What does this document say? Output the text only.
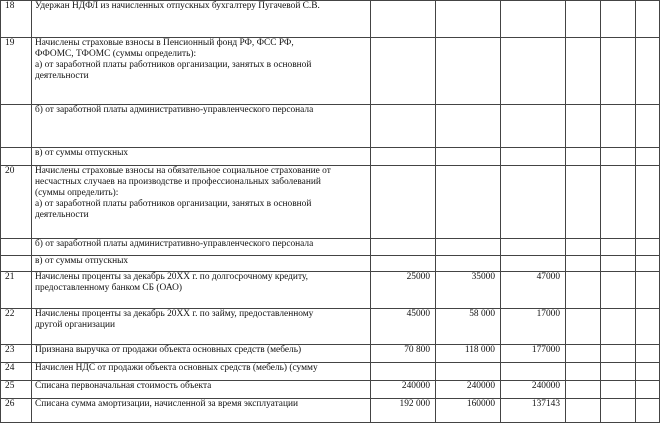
18	Удержан НДФЛ из начисленных отпускных бухгалтеру Пугачевой С.В.						

19	Начислены страховые взносы в Пенсионный фонд РФ, ФСС РФ,
ФФОМС, ТФОМС (суммы определить):
а) от заработной платы работников организации, занятых в основной
деятельности						

	б) от заработной платы административно-управленческого персонала						

	в) от суммы отпускных						

20	Начислены страховые взносы на обязательное социальное страхование от
несчастных случаев на производстве и профессиональных заболеваний
(суммы определить):
а) от заработной платы работников организации, занятых в основной
деятельности						

	б) от заработной платы административно-управленческого персонала						

	в) от суммы отпускных						

21	Начислены проценты за декабрь 20ХХ г. по долгосрочному кредиту,
предоставленному банком СБ (ОАО)	25000	35000	47000			
22	Начислены проценты за декабрь 20ХХ г. по займу, предоставленному
другой организации	45000	58 000	17000			
23	Признана выручка от продажи объекта основных средств (мебель)	70 800	118 000	177000			
24	Начислен НДС от продажи объекта основных средств (мебель) (сумму						

25	Списана первоначальная стоимость объекта	240000	240000	240000			
26	Списана сумма амортизации, начисленной за время эксплуатации	192 000	160000	137143			
